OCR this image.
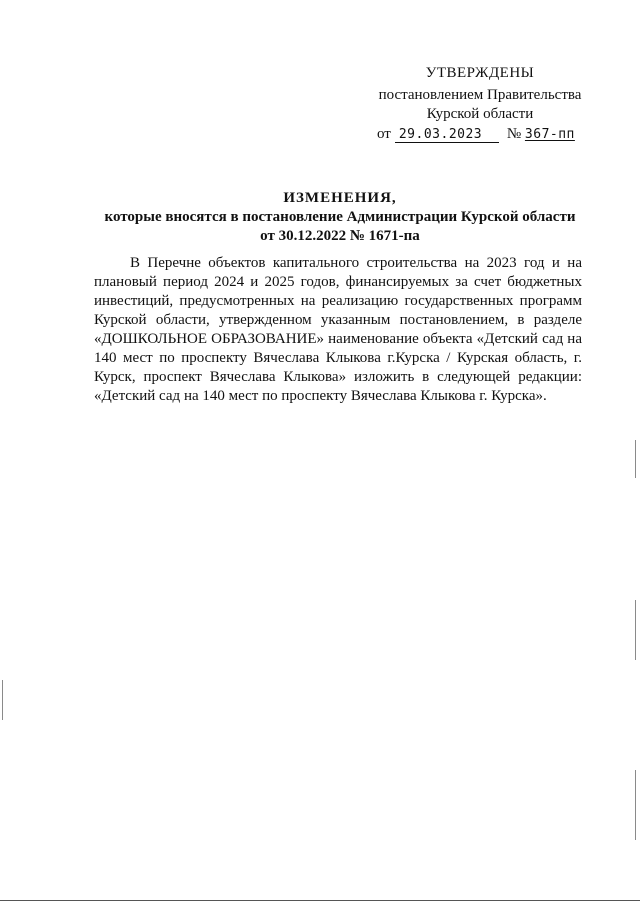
УТВЕРЖДЕНЫ
постановлением Правительства
Курской области
от 29.03.2023 № 367-пп
ИЗМЕНЕНИЯ,
которые вносятся в постановление Администрации Курской области
от 30.12.2022 № 1671-па

В Перечне объектов капитального строительства на 2023 год и на плановый период 2024 и 2025 годов, финансируемых за счет бюджетных инвестиций, предусмотренных на реализацию государственных программ Курской области, утвержденном указанным постановлением, в разделе «ДОШКОЛЬНОЕ ОБРАЗОВАНИЕ» наименование объекта «Детский сад на 140 мест по проспекту Вячеслава Клыкова г.Курска / Курская область, г. Курск, проспект Вячеслава Клыкова» изложить в следующей редакции: «Детский сад на 140 мест по проспекту Вячеслава Клыкова г. Курска».
